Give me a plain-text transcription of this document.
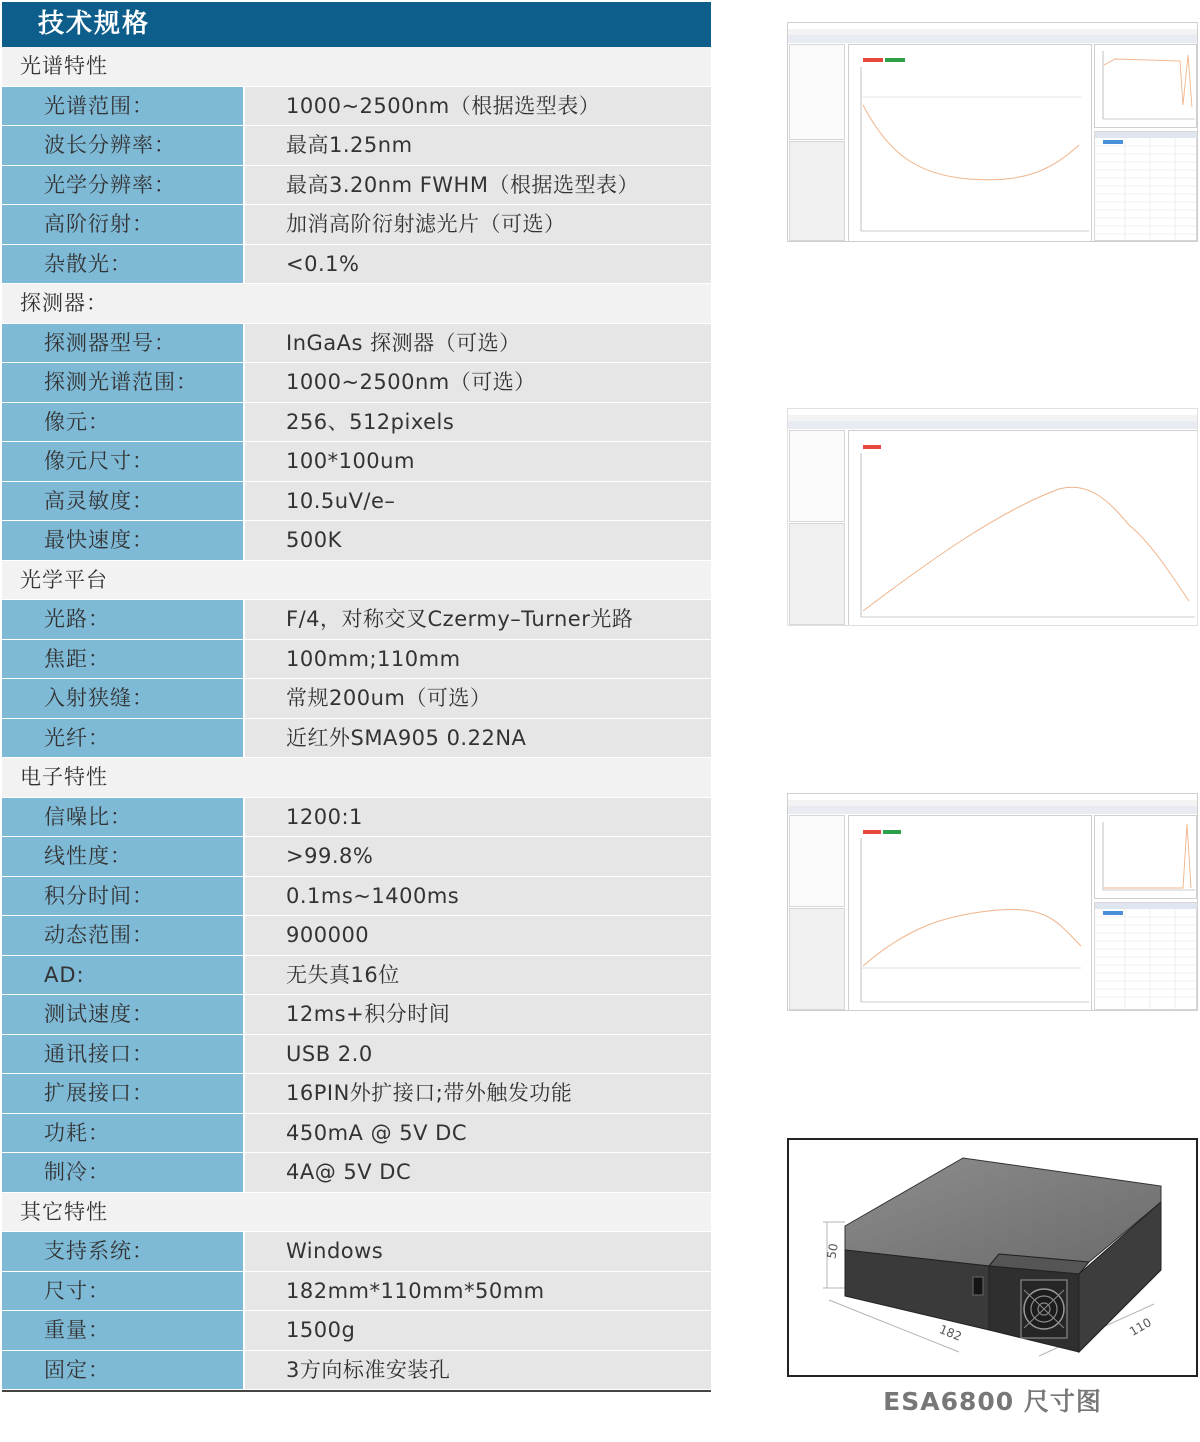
技术规格
光谱特性
光谱范围：	1000~2500nm（根据选型表）
波长分辨率：	最高1.25nm
光学分辨率：	最高3.20nm FWHM（根据选型表）
高阶衍射：	加消高阶衍射滤光片（可选）
杂散光：	<0.1%
探测器：
探测器型号：	InGaAs 探测器（可选）
探测光谱范围：	1000~2500nm（可选）
像元：	256、512pixels
像元尺寸：	100*100um
高灵敏度：	10.5uV/e–
最快速度：	500K
光学平台
光路：	F/4，对称交叉Czermy–Turner光路
焦距：	100mm;110mm
入射狭缝：	常规200um（可选）
光纤：	近红外SMA905 0.22NA
电子特性
信噪比：	1200:1
线性度：	>99.8%
积分时间：	0.1ms~1400ms
动态范围：	900000
AD:	无失真16位
测试速度：	12ms+积分时间
通讯接口：	USB 2.0
扩展接口：	16PIN外扩接口;带外触发功能
功耗：	450mA @ 5V DC
制冷：	4A@ 5V DC
其它特性
支持系统：	Windows
尺寸：	182mm*110mm*50mm
重量：	1500g
固定：	3方向标准安装孔
50
182	110
ESA6800 尺寸图
